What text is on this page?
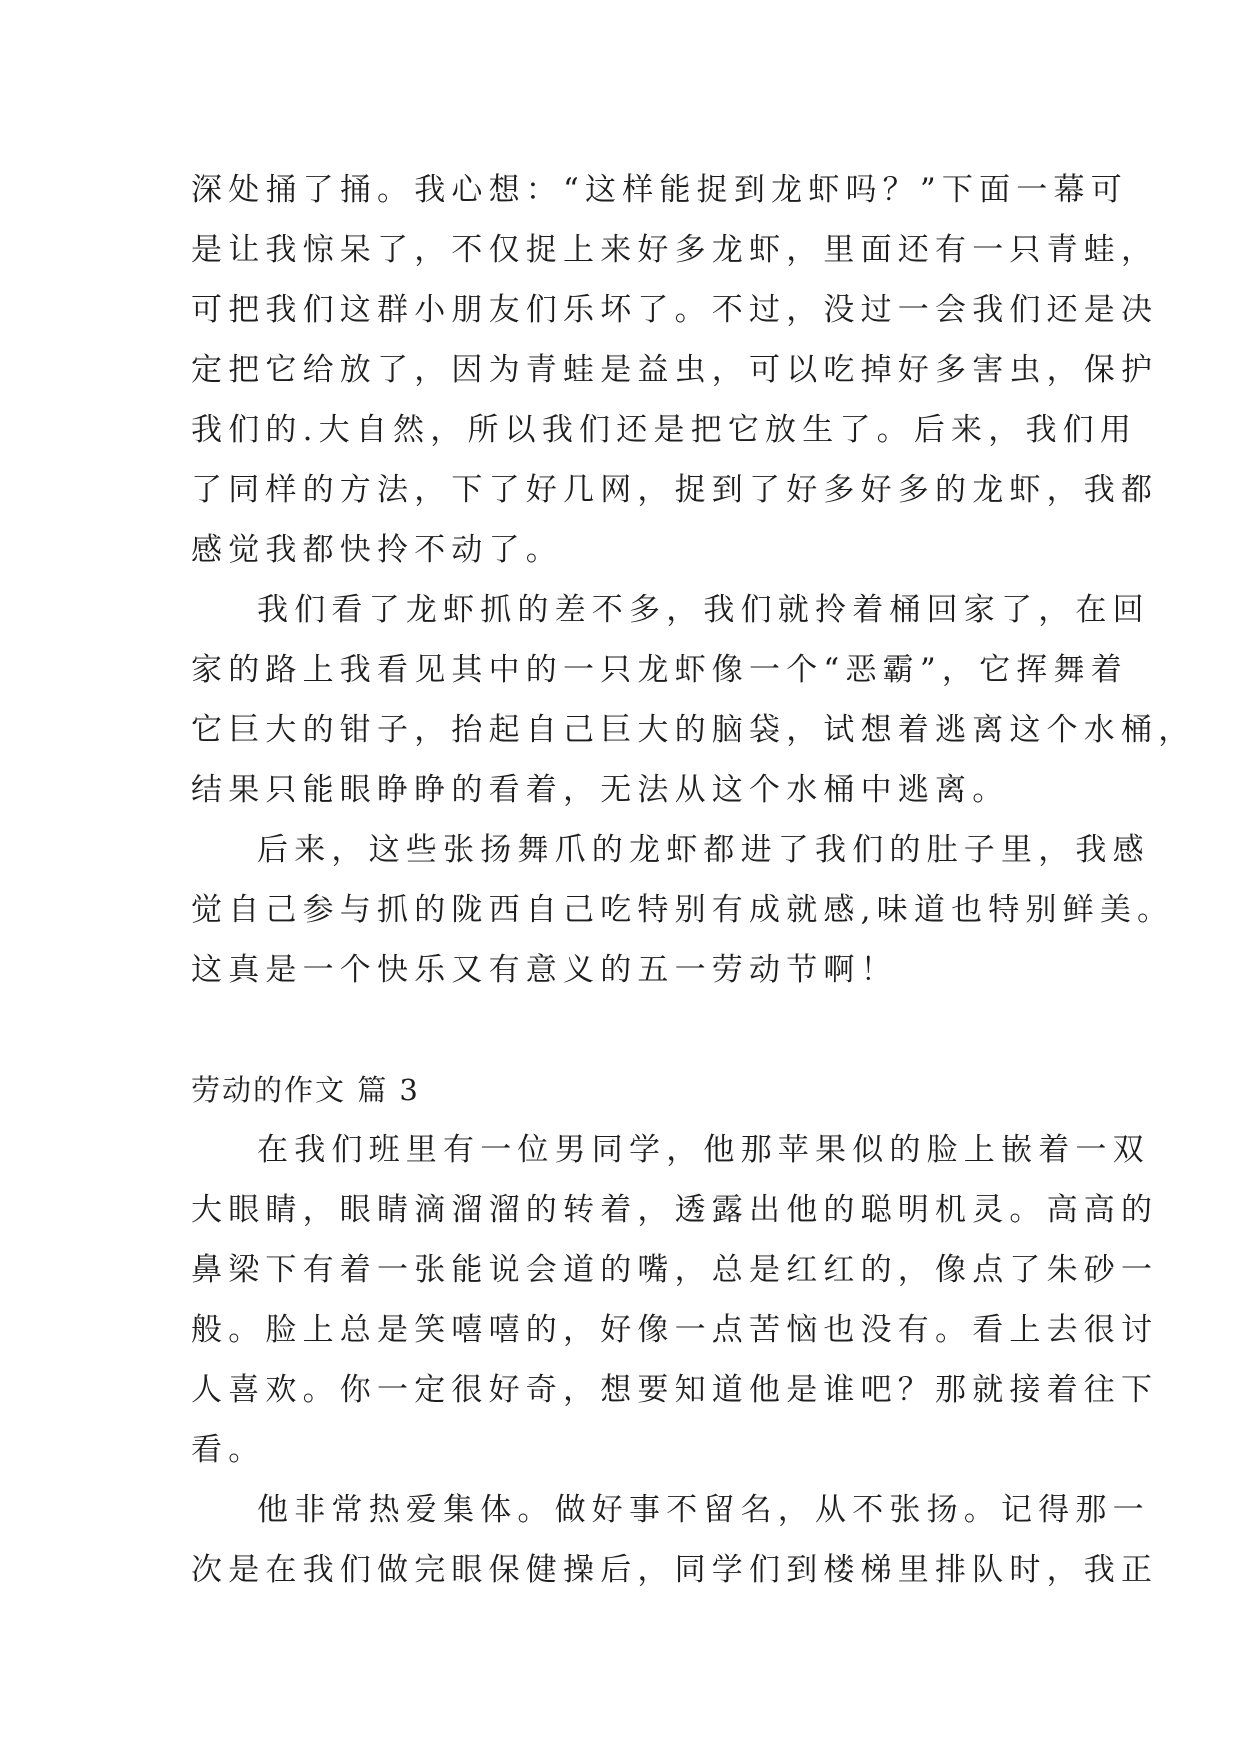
深处捅了捅。我心想：“这样能捉到龙虾吗？”下面一幕可
是让我惊呆了，不仅捉上来好多龙虾，里面还有一只青蛙，
可把我们这群小朋友们乐坏了。不过，没过一会我们还是决
定把它给放了，因为青蛙是益虫，可以吃掉好多害虫，保护
我们的.大自然，所以我们还是把它放生了。后来，我们用
了同样的方法，下了好几网，捉到了好多好多的龙虾，我都
感觉我都快拎不动了。
我们看了龙虾抓的差不多，我们就拎着桶回家了，在回
家的路上我看见其中的一只龙虾像一个“恶霸”，它挥舞着
它巨大的钳子，抬起自己巨大的脑袋，试想着逃离这个水桶，
结果只能眼睁睁的看着，无法从这个水桶中逃离。
后来，这些张扬舞爪的龙虾都进了我们的肚子里，我感
觉自己参与抓的陇西自己吃特别有成就感,味道也特别鲜美。
这真是一个快乐又有意义的五一劳动节啊！
劳动的作文 篇 3
在我们班里有一位男同学，他那苹果似的脸上嵌着一双
大眼睛，眼睛滴溜溜的转着，透露出他的聪明机灵。高高的
鼻梁下有着一张能说会道的嘴，总是红红的，像点了朱砂一
般。脸上总是笑嘻嘻的，好像一点苦恼也没有。看上去很讨
人喜欢。你一定很好奇，想要知道他是谁吧？那就接着往下
看。
他非常热爱集体。做好事不留名，从不张扬。记得那一
次是在我们做完眼保健操后，同学们到楼梯里排队时，我正
